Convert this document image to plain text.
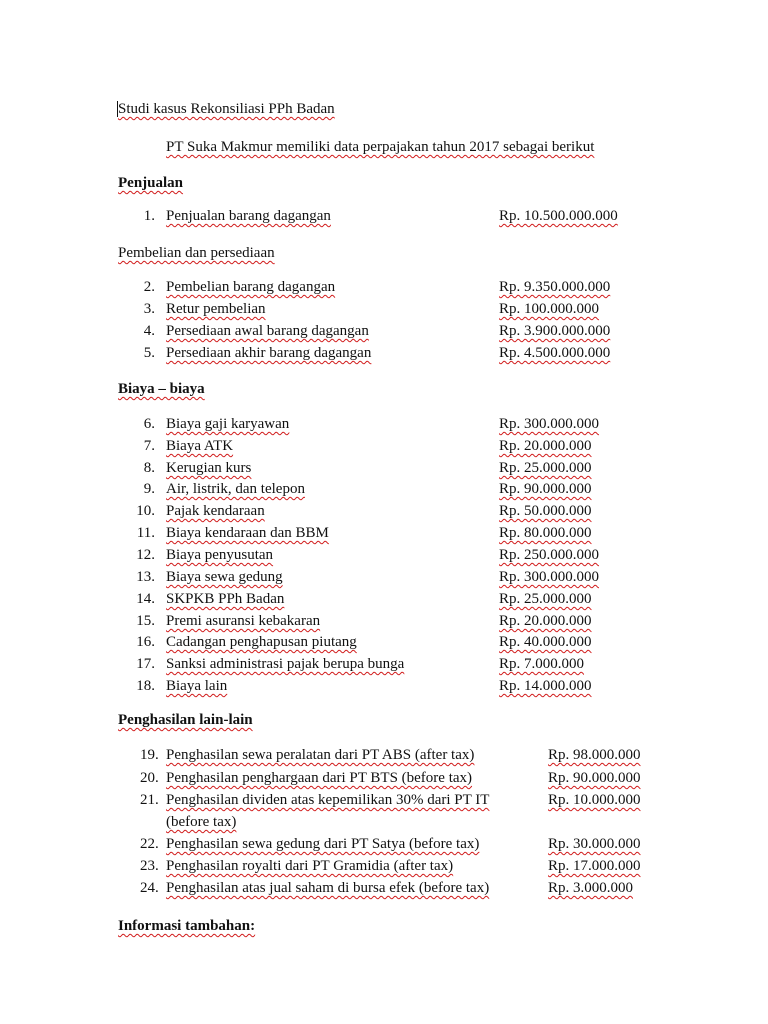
Studi kasus Rekonsiliasi PPh Badan
PT Suka Makmur memiliki data perpajakan tahun 2017 sebagai berikut
Penjualan
1. Penjualan barang dagangan	Rp. 10.500.000.000
Pembelian dan persediaan
2. Pembelian barang dagangan	Rp. 9.350.000.000
3. Retur pembelian	Rp. 100.000.000
4. Persediaan awal barang dagangan	Rp. 3.900.000.000
5. Persediaan akhir barang dagangan	Rp. 4.500.000.000
Biaya – biaya
6. Biaya gaji karyawan	Rp. 300.000.000
7. Biaya ATK	Rp. 20.000.000
8. Kerugian kurs	Rp. 25.000.000
9. Air, listrik, dan telepon	Rp. 90.000.000
10. Pajak kendaraan	Rp. 50.000.000
11. Biaya kendaraan dan BBM	Rp. 80.000.000
12. Biaya penyusutan	Rp. 250.000.000
13. Biaya sewa gedung	Rp. 300.000.000
14. SKPKB PPh Badan	Rp. 25.000.000
15. Premi asuransi kebakaran	Rp. 20.000.000
16. Cadangan penghapusan piutang	Rp. 40.000.000
17. Sanksi administrasi pajak berupa bunga	Rp. 7.000.000
18. Biaya lain	Rp. 14.000.000
Penghasilan lain-lain
19. Penghasilan sewa peralatan dari PT ABS (after tax)	Rp. 98.000.000
20. Penghasilan penghargaan dari PT BTS (before tax)	Rp. 90.000.000
21. Penghasilan dividen atas kepemilikan 30% dari PT IT	Rp. 10.000.000
(before tax)
22. Penghasilan sewa gedung dari PT Satya (before tax)	Rp. 30.000.000
23. Penghasilan royalti dari PT Gramidia (after tax)	Rp. 17.000.000
24. Penghasilan atas jual saham di bursa efek (before tax)	Rp. 3.000.000
Informasi tambahan:
